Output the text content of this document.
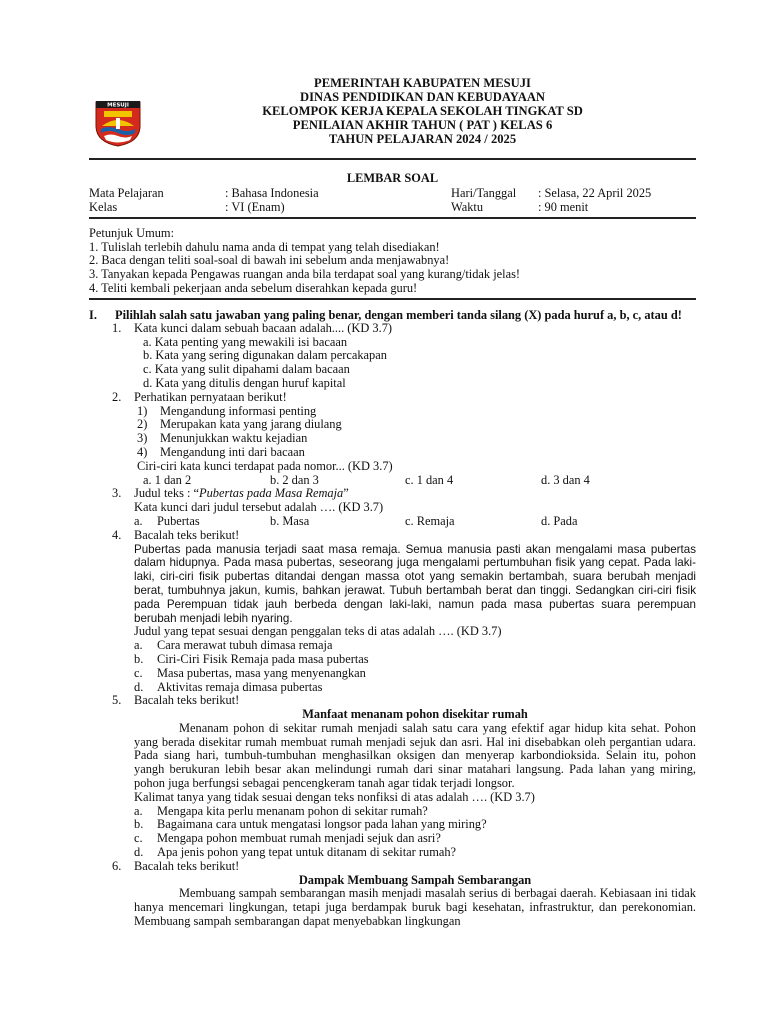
MESUJI
PEMERINTAH KABUPATEN MESUJI
DINAS PENDIDIKAN DAN KEBUDAYAAN
KELOMPOK KERJA KEPALA SEKOLAH TINGKAT SD
PENILAIAN AKHIR TAHUN ( PAT ) KELAS 6
TAHUN PELAJARAN 2024 / 2025
LEMBAR SOAL
Mata Pelajaran	: Bahasa Indonesia	Hari/Tanggal : Selasa, 22 April 2025
Kelas	: VI (Enam)	Waktu	: 90 menit
Petunjuk Umum:
1. Tulislah terlebih dahulu nama anda di tempat yang telah disediakan!
2. Baca dengan teliti soal-soal di bawah ini sebelum anda menjawabnya!
3. Tanyakan kepada Pengawas ruangan anda bila terdapat soal yang kurang/tidak jelas!
4. Teliti kembali pekerjaan anda sebelum diserahkan kepada guru!
I. Pilihlah salah satu jawaban yang paling benar, dengan memberi tanda silang (X) pada huruf a, b, c, atau d!
1.	Kata kunci dalam sebuah bacaan adalah.... (KD 3.7)
a. Kata penting yang mewakili isi bacaan
b. Kata yang sering digunakan dalam percakapan
c. Kata yang sulit dipahami dalam bacaan
d. Kata yang ditulis dengan huruf kapital
2.	Perhatikan pernyataan berikut!
1) Mengandung informasi penting
2) Merupakan kata yang jarang diulang
3) Menunjukkan waktu kejadian
4) Mengandung inti dari bacaan
Ciri-ciri kata kunci terdapat pada nomor... (KD 3.7)
a. 1 dan 2	b. 2 dan 3	c. 1 dan 4	d. 3 dan 4
3.	Judul teks : “Pubertas pada Masa Remaja”
Kata kunci dari judul tersebut adalah …. (KD 3.7)
a. Pubertas	b. Masa	c. Remaja	d. Pada
4.	Bacalah teks berikut!
Pubertas pada manusia terjadi saat masa remaja. Semua manusia pasti akan mengalami masa pubertas dalam hidupnya. Pada masa pubertas, seseorang juga mengalami pertumbuhan fisik yang cepat. Pada laki-laki, ciri-ciri fisik pubertas ditandai dengan massa otot yang semakin bertambah, suara berubah menjadi berat, tumbuhnya jakun, kumis, bahkan jerawat. Tubuh bertambah berat dan tinggi. Sedangkan ciri-ciri fisik pada Perempuan tidak jauh berbeda dengan laki-laki, namun pada masa pubertas suara perempuan berubah menjadi lebih nyaring.
Judul yang tepat sesuai dengan penggalan teks di atas adalah …. (KD 3.7)
a. Cara merawat tubuh dimasa remaja
b. Ciri-Ciri Fisik Remaja pada masa pubertas
c. Masa pubertas, masa yang menyenangkan
d. Aktivitas remaja dimasa pubertas
5.	Bacalah teks berikut!
Manfaat menanam pohon disekitar rumah
Menanam pohon di sekitar rumah menjadi salah satu cara yang efektif agar hidup kita sehat. Pohon yang berada disekitar rumah membuat rumah menjadi sejuk dan asri. Hal ini disebabkan oleh pergantian udara. Pada siang hari, tumbuh-tumbuhan menghasilkan oksigen dan menyerap karbondioksida. Selain itu, pohon yangh berukuran lebih besar akan melindungi rumah dari sinar matahari langsung. Pada lahan yang miring, pohon juga berfungsi sebagai pencengkeram tanah agar tidak terjadi longsor.
Kalimat tanya yang tidak sesuai dengan teks nonfiksi di atas adalah …. (KD 3.7)
a. Mengapa kita perlu menanam pohon di sekitar rumah?
b. Bagaimana cara untuk mengatasi longsor pada lahan yang miring?
c. Mengapa pohon membuat rumah menjadi sejuk dan asri?
d. Apa jenis pohon yang tepat untuk ditanam di sekitar rumah?
6.	Bacalah teks berikut!
Dampak Membuang Sampah Sembarangan
Membuang sampah sembarangan masih menjadi masalah serius di berbagai daerah. Kebiasaan ini tidak hanya mencemari lingkungan, tetapi juga berdampak buruk bagi kesehatan, infrastruktur, dan perekonomian. Membuang sampah sembarangan dapat menyebabkan lingkungan
